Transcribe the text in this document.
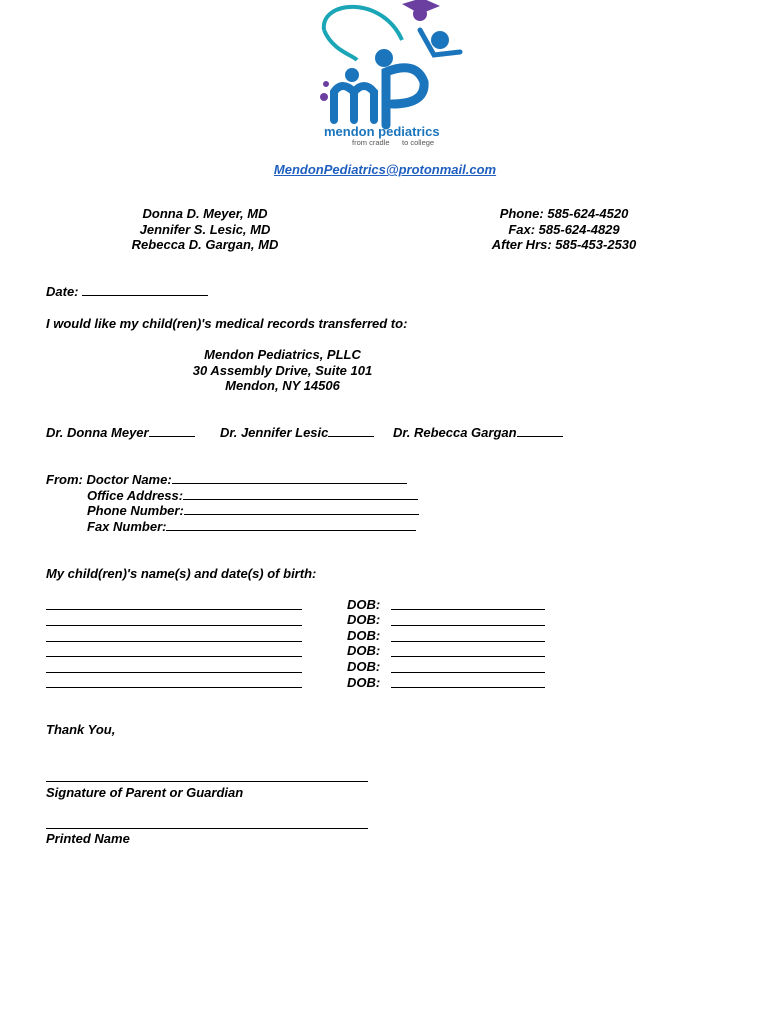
mendon pediatrics
from cradle to college
MendonPediatrics@protonmail.com
Donna D. Meyer, MD
Jennifer S. Lesic, MD
Rebecca D. Gargan, MD
Phone: 585-624-4520
Fax: 585-624-4829
After Hrs: 585-453-2530
Date:
I would like my child(ren)'s medical records transferred to:
Mendon Pediatrics, PLLC
30 Assembly Drive, Suite 101
Mendon, NY 14506
Dr. Donna Meyer	Dr. Jennifer Lesic	Dr. Rebecca Gargan
From: Doctor Name:
Office Address:
Phone Number:
Fax Number:
My child(ren)'s name(s) and date(s) of birth:
DOB:
DOB:
DOB:
DOB:
DOB:
DOB:
Thank You,
Signature of Parent or Guardian
Printed Name
